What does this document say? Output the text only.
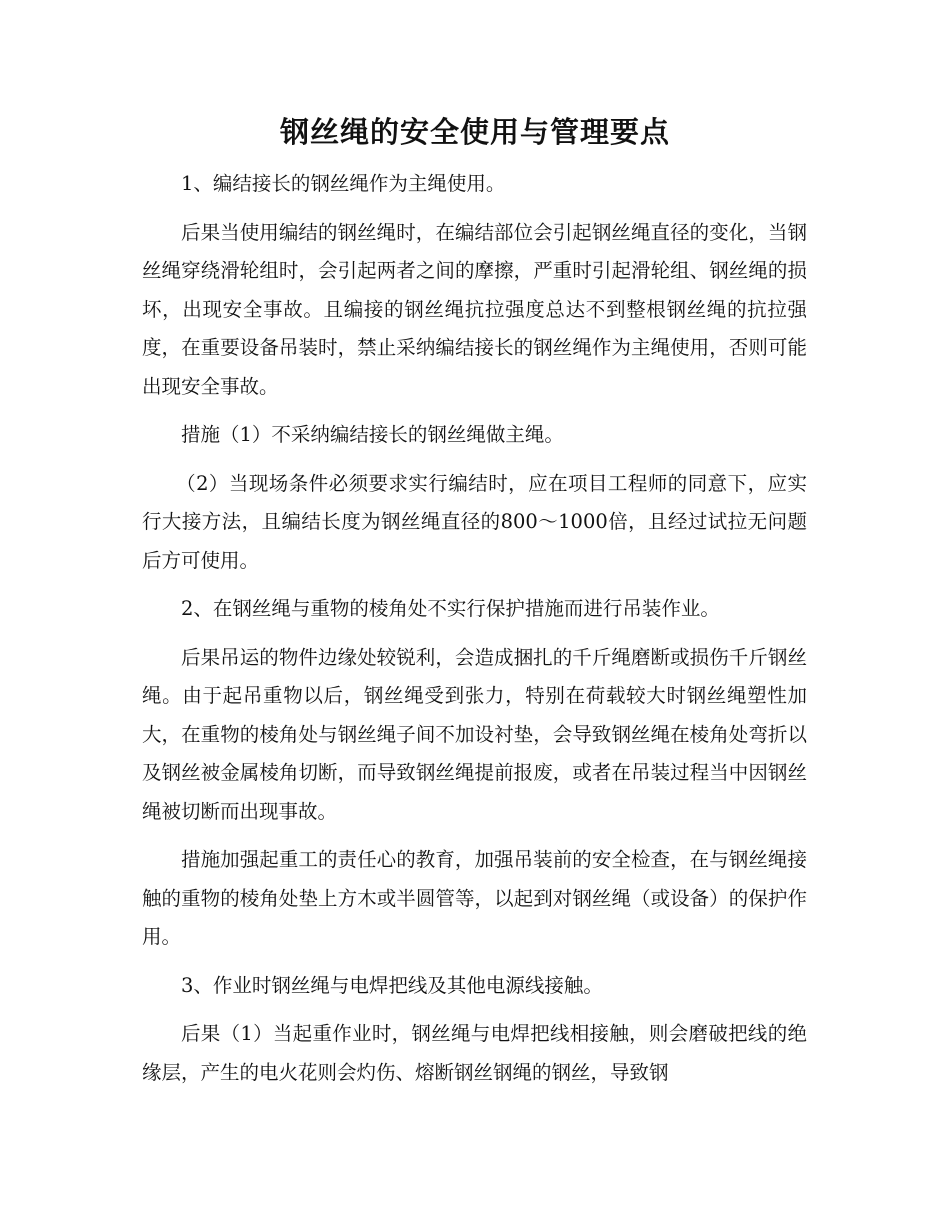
钢丝绳的安全使用与管理要点

1、编结接长的钢丝绳作为主绳使用。

后果当使用编结的钢丝绳时，在编结部位会引起钢丝绳直径的变化，当钢丝绳穿绕滑轮组时，会引起两者之间的摩擦，严重时引起滑轮组、钢丝绳的损坏，出现安全事故。且编接的钢丝绳抗拉强度总达不到整根钢丝绳的抗拉强度，在重要设备吊装时，禁止采纳编结接长的钢丝绳作为主绳使用，否则可能出现安全事故。

措施（1）不采纳编结接长的钢丝绳做主绳。

（2）当现场条件必须要求实行编结时，应在项目工程师的同意下，应实行大接方法，且编结长度为钢丝绳直径的800～1000倍，且经过试拉无问题后方可使用。

2、在钢丝绳与重物的棱角处不实行保护措施而进行吊装作业。

后果吊运的物件边缘处较锐利，会造成捆扎的千斤绳磨断或损伤千斤钢丝绳。由于起吊重物以后，钢丝绳受到张力，特别在荷载较大时钢丝绳塑性加大，在重物的棱角处与钢丝绳子间不加设衬垫，会导致钢丝绳在棱角处弯折以及钢丝被金属棱角切断，而导致钢丝绳提前报废，或者在吊装过程当中因钢丝绳被切断而出现事故。

措施加强起重工的责任心的教育，加强吊装前的安全检查，在与钢丝绳接触的重物的棱角处垫上方木或半圆管等，以起到对钢丝绳（或设备）的保护作用。

3、作业时钢丝绳与电焊把线及其他电源线接触。

后果（1）当起重作业时，钢丝绳与电焊把线相接触，则会磨破把线的绝缘层，产生的电火花则会灼伤、熔断钢丝钢绳的钢丝，导致钢
